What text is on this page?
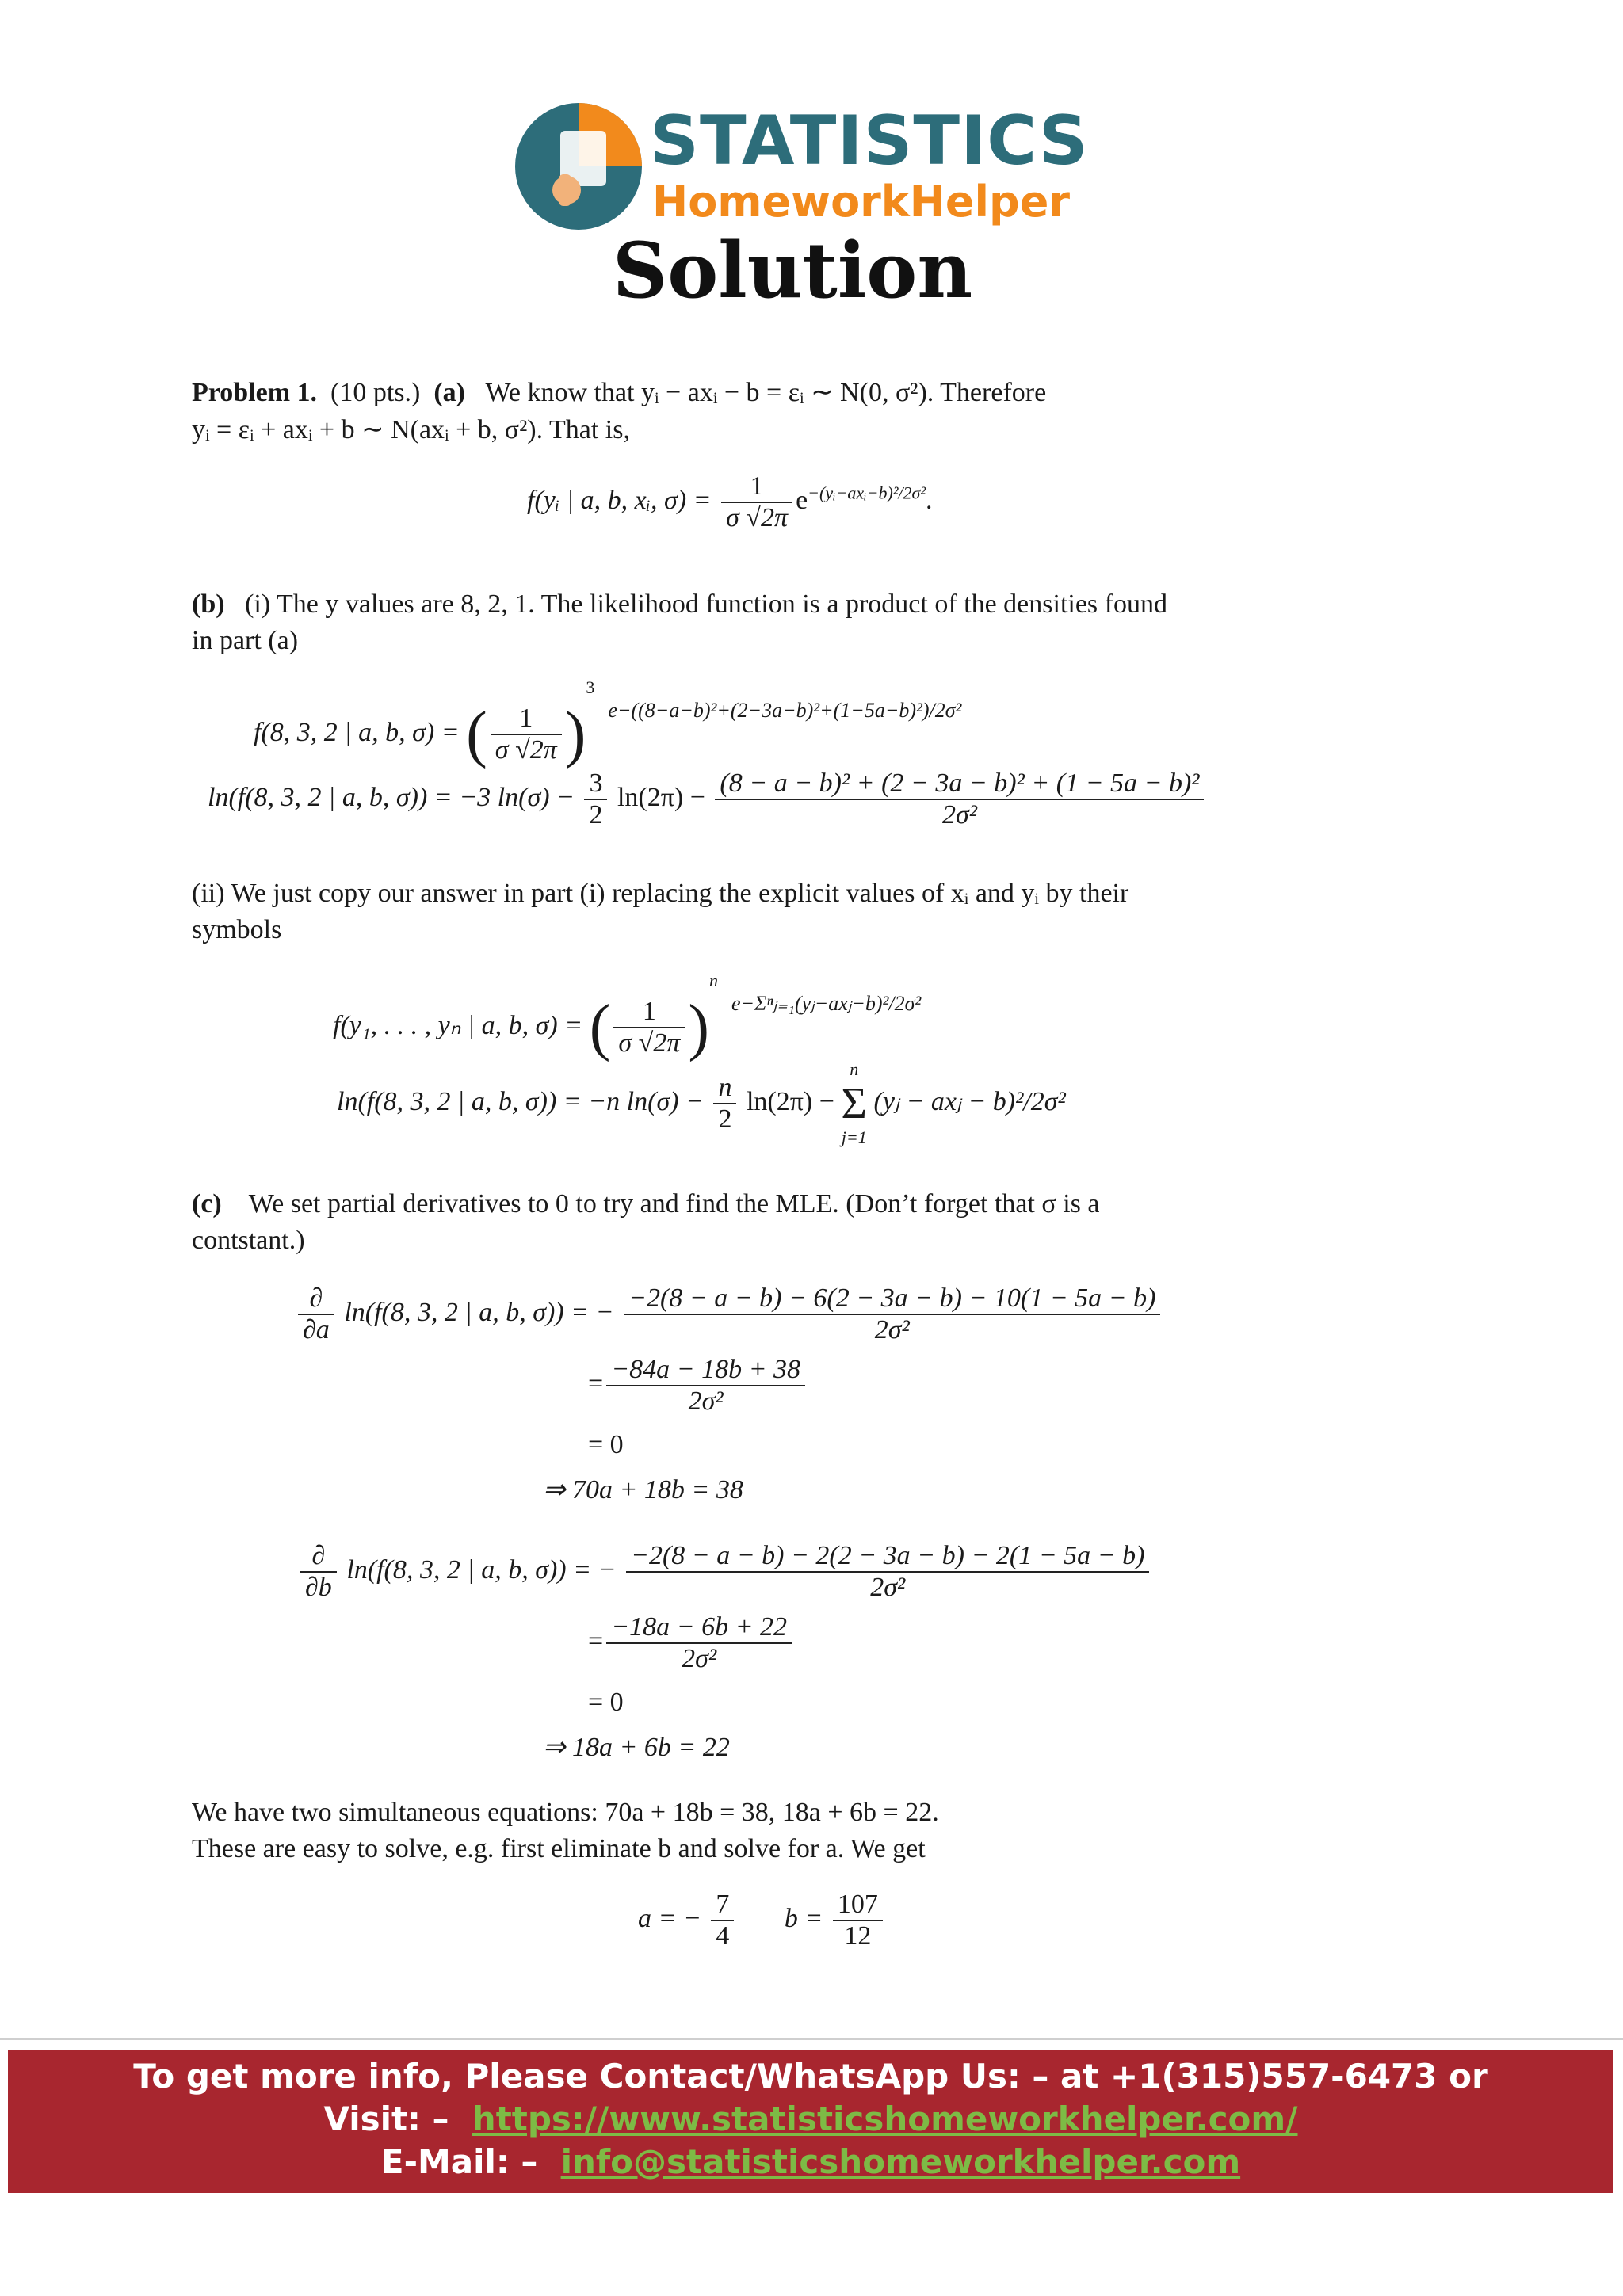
STATISTICS
HomeworkHelper
Solution
Problem 1. (10 pts.) (a) We know that yᵢ − axᵢ − b = εᵢ ∼ N(0, σ²). Therefore
yᵢ = εᵢ + axᵢ + b ∼ N(axᵢ + b, σ²). That is,
f(yᵢ | a, b, xᵢ, $\sigma) = \frac{1}{\sigma √2\pi} e^{-(yᵢ-axᵢ-b)^2/2\sigma^2}$.
(b) (i) The y values are 8, 2, 1. The likelihood function is a product of the densities found
in part (a)
f(8, 3, 2 | a, b, σ) = ( $\frac{1}{\sigma √2\pi} )^3$  $^{e-((8-a-b)^2+(2-3a-b)^2+(1-5a-b)^2)/2\sigma^2}$
ln(f(8, 3, 2 | a, b, σ)) = −3 $\ln(\sigma) - \frac{3}{2} \ln(2\pi) - \frac{\text{(8 − a − b)² + (2 − 3a − b)² + (1 − 5a − b)²}}{\text{2σ²}}$
(ii) We just copy our answer in part (i) replacing the explicit values of xᵢ and yᵢ by their
symbols
f(y₁, . . . , yₙ | a, b, σ) = ( $\frac{1}{\sigma √2\pi} )^n$  $^{e-\Sigma^nⱼ_{=1}(yⱼ-axⱼ-b)^2/2\sigma^2}$
ln(f(8, 3, 2 | a, b, σ)) = −n $\ln(\sigma) - \frac{n}{2} \ln(2\pi)$ −
n
Σ
j=1
(yⱼ − axⱼ − b)²/2σ²
(c) We set partial derivatives to 0 to try and find the MLE. (Don’t forget that σ is a
contstant.)
$\frac{\partial}{\partial a} \ln(f(8$, 3, 2 | a, b, σ)) = − $\frac{-2(8 - a - b) - 6(2 - 3a - b) - 10(1 - 5a - b)}{\text{2σ²}}$
= $\frac{-84a - 18b + 38}{\text{2σ²}}$
= 0
⇒ 70a + 18b = 38
$\frac{\partial}{\partial b} \ln(f(8$, 3, 2 | a, b, σ)) = − $\frac{-2(8 - a - b) - 2(2 - 3a - b) - 2(1 - 5a - b)}{\text{2σ²}}$
= $\frac{-18a - 6b + 22}{\text{2σ²}}$
= 0
⇒ 18a + 6b = 22
We have two simultaneous equations: 70a + 18b = 38, 18a + 6b = 22.
These are easy to solve, e.g. first eliminate b and solve for a. We get
a = − $\frac{7}{4}$ $b = \frac{107}{12}$
To get more info, Please Contact/WhatsApp Us: – at +1(315)557-6473 or
Visit: – https://www.statisticshomeworkhelper.com/
E-Mail: – info@statisticshomeworkhelper.com
